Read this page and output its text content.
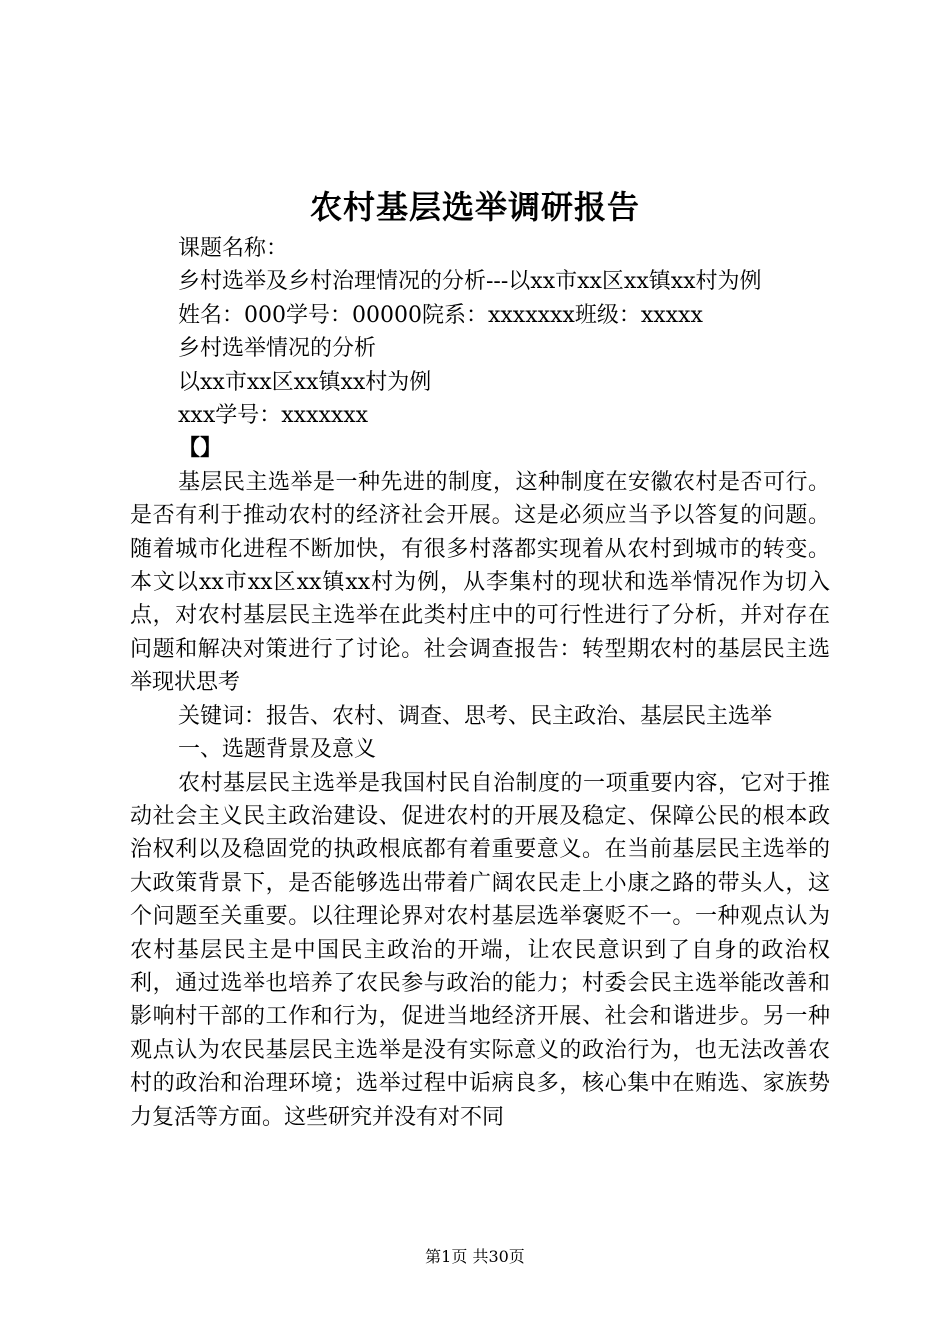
农村基层选举调研报告

课题名称：

乡村选举及乡村治理情况的分析---以xx市xx区xx镇xx村为例

姓名：000学号：00000院系：xxxxxxx班级：xxxxx

乡村选举情况的分析

以xx市xx区xx镇xx村为例

xxx学号：xxxxxxx

【】

基层民主选举是一种先进的制度，这种制度在安徽农村是否可行。是否有利于推动农村的经济社会开展。这是必须应当予以答复的问题。随着城市化进程不断加快，有很多村落都实现着从农村到城市的转变。本文以xx市xx区xx镇xx村为例，从李集村的现状和选举情况作为切入点，对农村基层民主选举在此类村庄中的可行性进行了分析，并对存在问题和解决对策进行了讨论。社会调查报告：转型期农村的基层民主选举现状思考

关键词：报告、农村、调查、思考、民主政治、基层民主选举

一、选题背景及意义

农村基层民主选举是我国村民自治制度的一项重要内容，它对于推动社会主义民主政治建设、促进农村的开展及稳定、保障公民的根本政治权利以及稳固党的执政根底都有着重要意义。在当前基层民主选举的大政策背景下，是否能够选出带着广阔农民走上小康之路的带头人，这个问题至关重要。以往理论界对农村基层选举褒贬不一。一种观点认为农村基层民主是中国民主政治的开端，让农民意识到了自身的政治权利，通过选举也培养了农民参与政治的能力；村委会民主选举能改善和影响村干部的工作和行为，促进当地经济开展、社会和谐进步。另一种观点认为农民基层民主选举是没有实际意义的政治行为，也无法改善农村的政治和治理环境；选举过程中诟病良多，核心集中在贿选、家族势力复活等方面。这些研究并没有对不同

第1页 共30页
